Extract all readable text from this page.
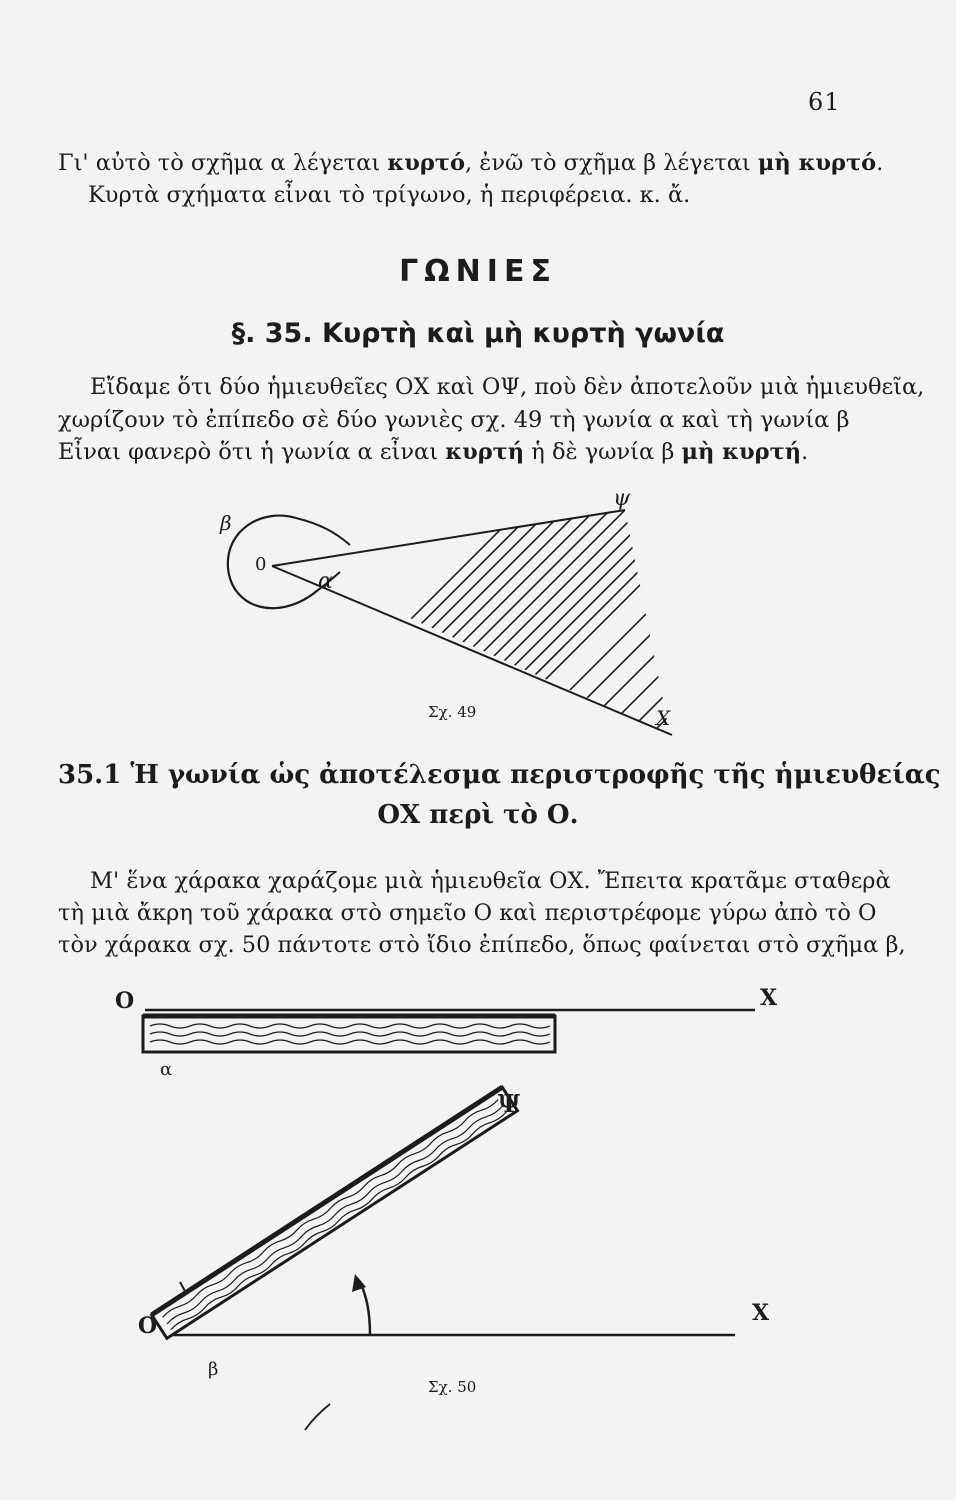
61
Γι' αὐτὸ τὸ σχῆμα α λέγεται κυρτό, ἐνῶ τὸ σχῆμα β λέγεται μὴ κυρτό.
Κυρτὰ σχήματα εἶναι τὸ τρίγωνο, ἡ περιφέρεια. κ. ἄ.
ΓΩΝΙΕΣ
§. 35. Κυρτὴ καὶ μὴ κυρτὴ γωνία
Εἴδαμε ὅτι δύο ἡμιευθεῖες ΟΧ καὶ ΟΨ, ποὺ δὲν ἀποτελοῦν μιὰ ἡμιευθεῖα,
χωρίζουν τὸ ἐπίπεδο σὲ δύο γωνιὲς σχ. 49 τὴ γωνία α καὶ τὴ γωνία β
Εἶναι φανερὸ ὅτι ἡ γωνία α εἶναι κυρτή ἡ δὲ γωνία β μὴ κυρτή.
β
0
α
ψ
X
Σχ. 49
35.1 Ἡ γωνία ὡς ἀποτέλεσμα περιστροφῆς τῆς ἡμιευθείας
ΟΧ περὶ τὸ Ο.
Μ' ἕνα χάρακα χαράζομε μιὰ ἡμιευθεῖα ΟΧ. Ἔπειτα κρατᾶμε σταθερὰ
τὴ μιὰ ἄκρη τοῦ χάρακα στὸ σημεῖο Ο καὶ περιστρέφομε γύρω ἀπὸ τὸ Ο
τὸν χάρακα σχ. 50 πάντοτε στὸ ἴδιο ἐπίπεδο, ὅπως φαίνεται στὸ σχῆμα β,
Ο	X
α
Ψ
O	X
β
Σχ. 50
